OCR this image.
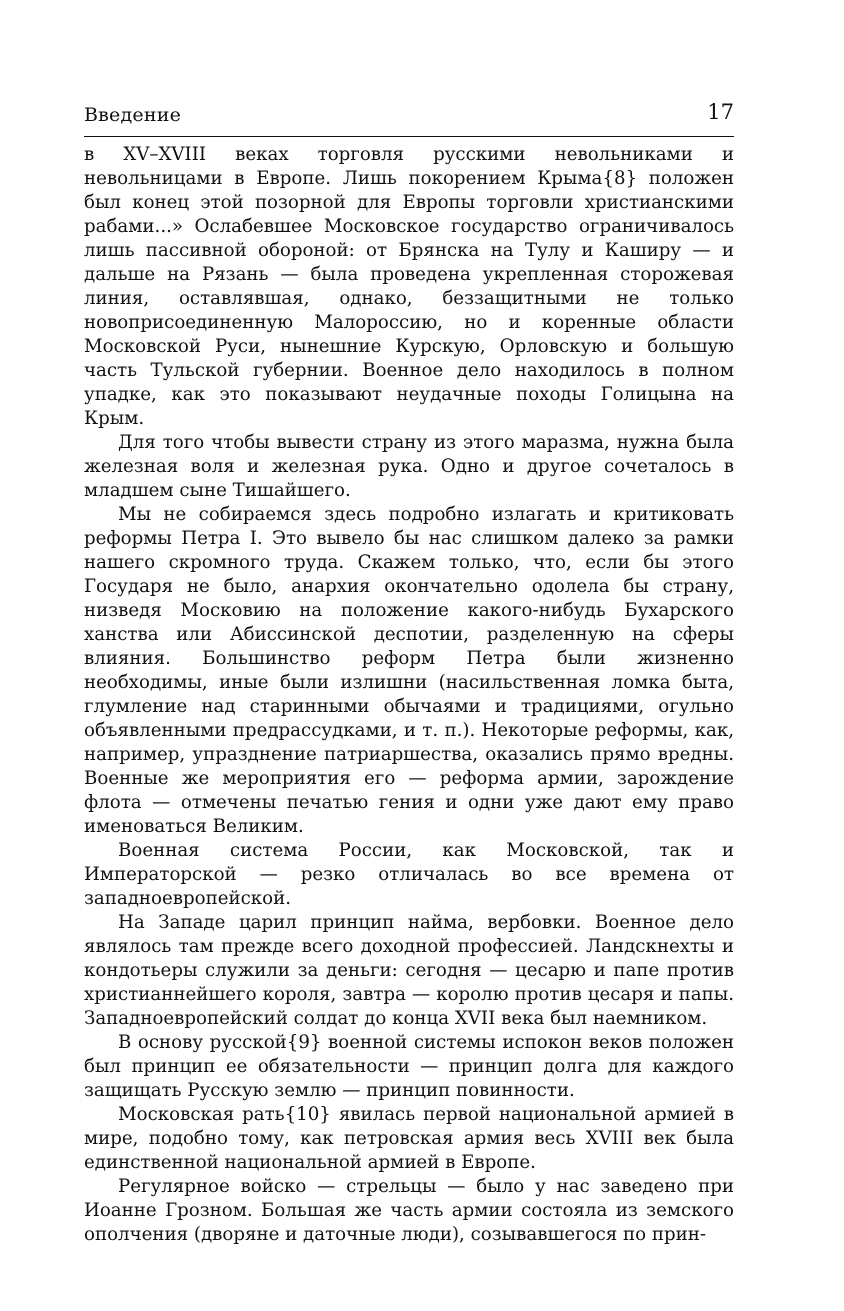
Введение	17

в XV–XVIII веках торговля русскими невольниками и невольницами в Европе. Лишь покорением Крыма{8} положен был конец этой позорной для Европы торговли христианскими рабами...» Ослабевшее Московское государство ограничивалось лишь пассивной обороной: от Брянска на Тулу и Каширу — и дальше на Рязань — была проведена укрепленная сторожевая линия, оставлявшая, однако, беззащитными не только новоприсоединенную Малороссию, но и коренные области Московской Руси, нынешние Курскую, Орловскую и большую часть Тульской губернии. Военное дело находилось в полном упадке, как это показывают неудачные походы Голицына на Крым.

Для того чтобы вывести страну из этого маразма, нужна была железная воля и железная рука. Одно и другое сочеталось в младшем сыне Тишайшего.

Мы не собираемся здесь подробно излагать и критиковать реформы Петра I. Это вывело бы нас слишком далеко за рамки нашего скромного труда. Скажем только, что, если бы этого Государя не было, анархия окончательно одолела бы страну, низведя Московию на положение какого-нибудь Бухарского ханства или Абиссинской деспотии, разделенную на сферы влияния. Большинство реформ Петра были жизненно необходимы, иные были излишни (насильственная ломка быта, глумление над старинными обычаями и традициями, огульно объявленными предрассудками, и т. п.). Некоторые реформы, как, например, упразднение патриаршества, оказались прямо вредны. Военные же мероприятия его — реформа армии, зарождение флота — отмечены печатью гения и одни уже дают ему право именоваться Великим.

Военная система России, как Московской, так и Императорской — резко отличалась во все времена от западноевропейской.

На Западе царил принцип найма, вербовки. Военное дело являлось там прежде всего доходной профессией. Ландскнехты и кондотьеры служили за деньги: сегодня — цесарю и папе против христианнейшего короля, завтра — королю против цесаря и папы. Западноевропейский солдат до конца XVII века был наемником.

В основу русской{9} военной системы испокон веков положен был принцип ее обязательности — принцип долга для каждого защищать Русскую землю — принцип повинности.

Московская рать{10} явилась первой национальной армией в мире, подобно тому, как петровская армия весь XVIII век была единственной национальной армией в Европе.

Регулярное войско — стрельцы — было у нас заведено при Иоанне Грозном. Большая же часть армии состояла из земского ополчения (дворяне и даточные люди), созывавшегося по прин-
